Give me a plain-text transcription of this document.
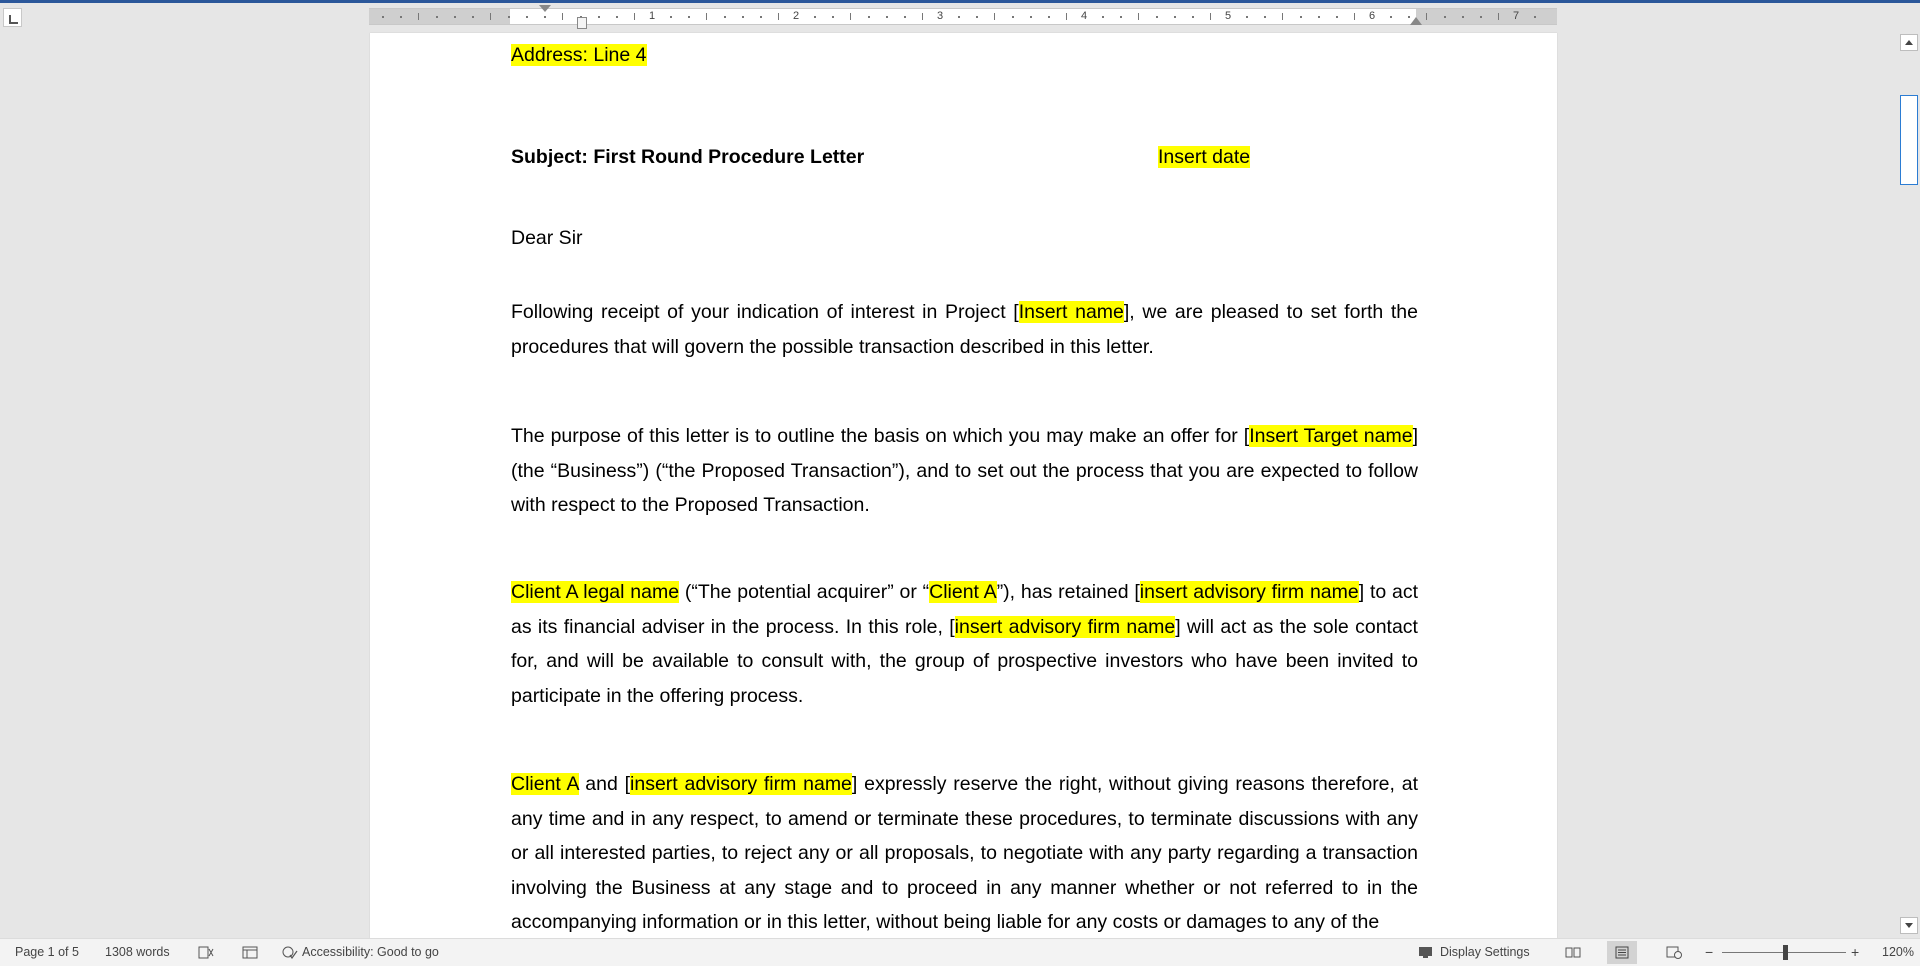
1	2	3	4	5	6	7
Address: Line 4
Subject: First Round Procedure Letter	Insert date
Dear Sir

Following receipt of your indication of interest in Project [Insert name], we are pleased to set forth the procedures that will govern the possible transaction described in this letter.

The purpose of this letter is to outline the basis on which you may make an offer for [Insert Target name] (the “Business”) (“the Proposed Transaction”), and to set out the process that you are expected to follow with respect to the Proposed Transaction.

Client A legal name (“The potential acquirer” or “Client A”), has retained [insert advisory firm name] to act as its financial adviser in the process. In this role, [insert advisory firm name] will act as the sole contact for, and will be available to consult with, the group of prospective investors who have been invited to participate in the offering process.

Client A and [insert advisory firm name] expressly reserve the right, without giving reasons therefore, at any time and in any respect, to amend or terminate these procedures, to terminate discussions with any or all interested parties, to reject any or all proposals, to negotiate with any party regarding a transaction involving the Business at any stage and to proceed in any manner whether or not referred to in the accompanying information or in this letter, without being liable for any costs or damages to any of the

Page 1 of 5 1308 words	Accessibility: Good to go	Display Settings	−	+ 120%
